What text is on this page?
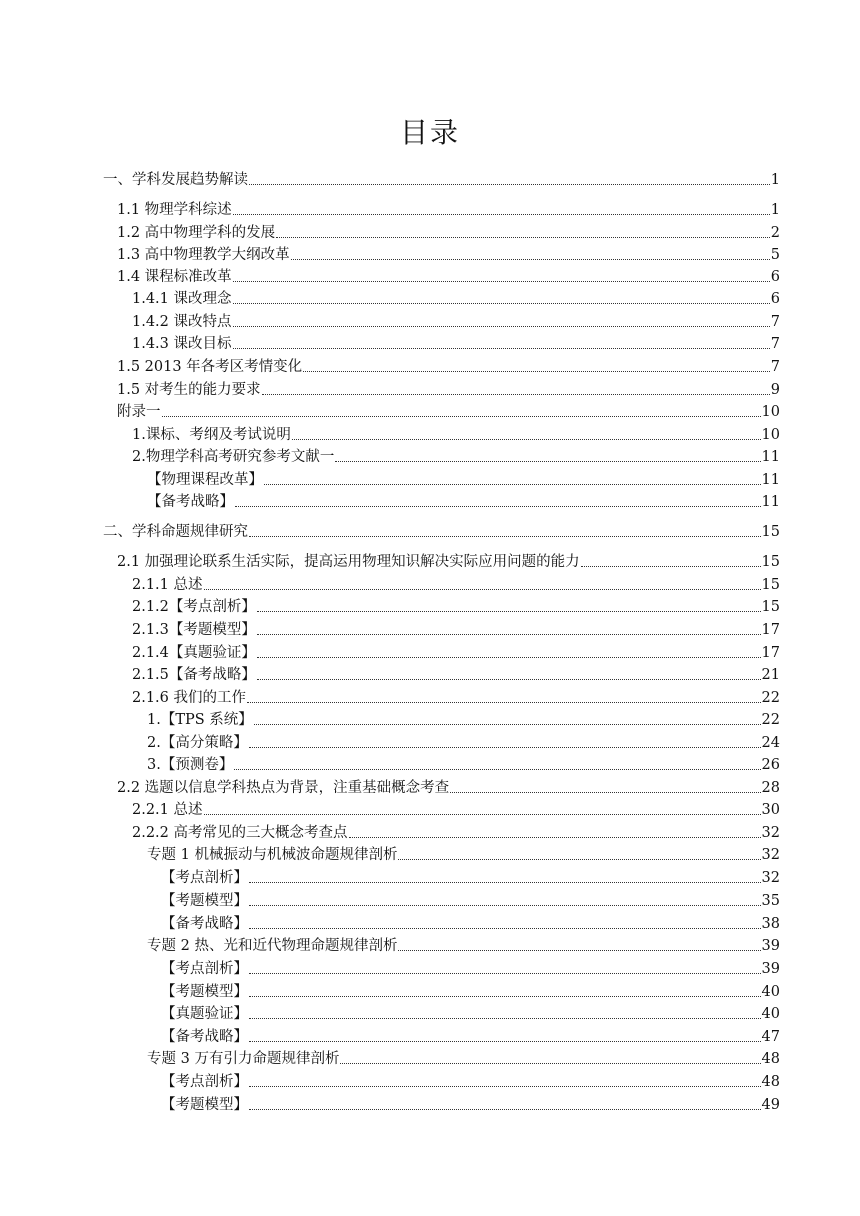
目录
一、学科发展趋势解读	1
1.1 物理学科综述	1
1.2 高中物理学科的发展	2
1.3 高中物理教学大纲改革	5
1.4 课程标准改革	6
1.4.1 课改理念	6
1.4.2 课改特点	7
1.4.3 课改目标	7
1.5 2013 年各考区考情变化	7
1.5 对考生的能力要求	9
附录一	10
1.课标、考纲及考试说明	10
2.物理学科高考研究参考文献一	11
【物理课程改革】	11
【备考战略】	11
二、学科命题规律研究	15
2.1 加强理论联系生活实际，提高运用物理知识解决实际应用问题的能力	15
2.1.1 总述	15
2.1.2【考点剖析】	15
2.1.3【考题模型】	17
2.1.4【真题验证】	17
2.1.5【备考战略】	21
2.1.6 我们的工作	22
1.【TPS 系统】	22
2.【高分策略】	24
3.【预测卷】	26
2.2 选题以信息学科热点为背景，注重基础概念考查	28
2.2.1 总述	30
2.2.2 高考常见的三大概念考查点	32
专题 1 机械振动与机械波命题规律剖析	32
【考点剖析】	32
【考题模型】	35
【备考战略】	38
专题 2 热、光和近代物理命题规律剖析	39
【考点剖析】	39
【考题模型】	40
【真题验证】	40
【备考战略】	47
专题 3 万有引力命题规律剖析	48
【考点剖析】	48
【考题模型】	49
